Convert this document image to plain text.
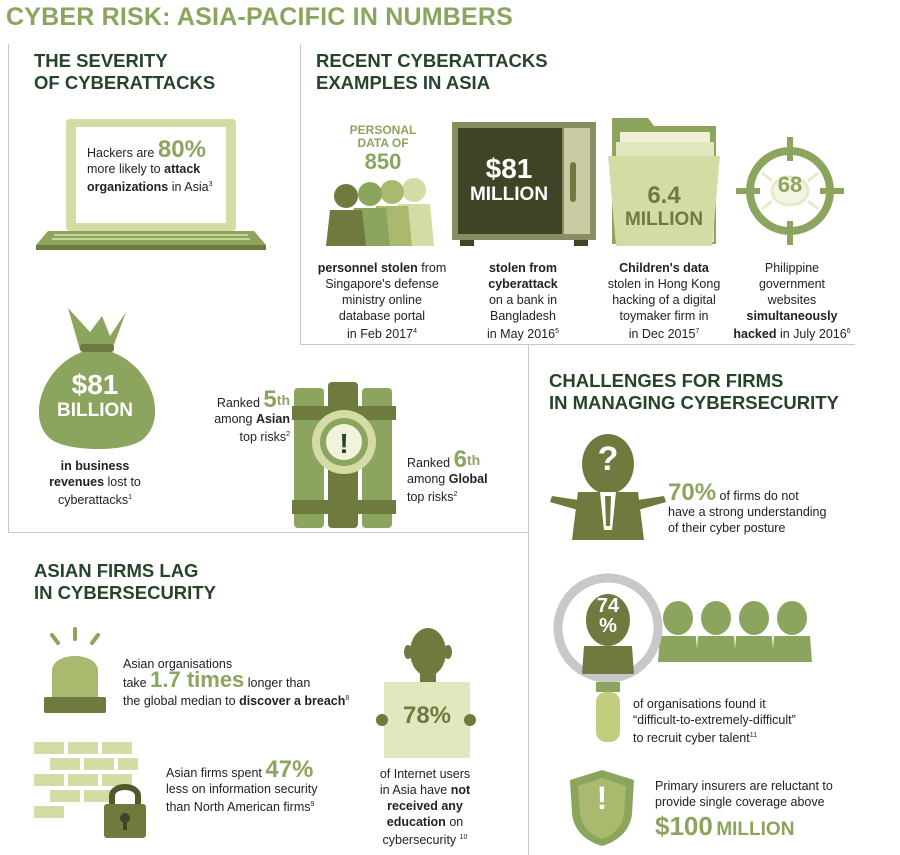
CYBER RISK: ASIA-PACIFIC IN NUMBERS
THE SEVERITY
OF CYBERATTACKS
Hackers are 80%
more likely to attack
organizations in Asia$^3$
$81
BILLION
in business
revenues lost to
cyberattacks$^1$
Ranked 5th
among Asian
top risks$^2$	!
Ranked 6th
among Global
top risks$^2$
RECENT CYBERATTACKS
EXAMPLES IN ASIA
PERSONAL
DATA OF
850
personnel stolen from
Singapore's defense
ministry online
database portal
in Feb 2017$^4$
$81
MILLION
stolen from
cyberattack
on a bank in
Bangladesh
in May 2016$^5$
6.4
MILLION
Children's data
stolen in Hong Kong
hacking of a digital
toymaker firm in
in Dec 2015$^7$
68
Philippine
government
websites
simultaneously
hacked in July 2016$^6$
CHALLENGES FOR FIRMS
IN MANAGING CYBERSECURITY
?
70% of firms do not
have a strong understanding
of their cyber posture
74
%
of organisations found it
“difficult-to-extremely-difficult”
to recruit cyber talent$^{11}$
!	Primary insurers are reluctant to
provide single coverage above
$100 MILLION
ASIAN FIRMS LAG
IN CYBERSECURITY
Asian organisations
take 1.7 times longer than
the global median to discover a breach$^8$
Asian firms spent 47%
less on information security
than North American firms$^9$
78%
of Internet users
in Asia have not
received any
education on
cybersecurity $^{10}$
